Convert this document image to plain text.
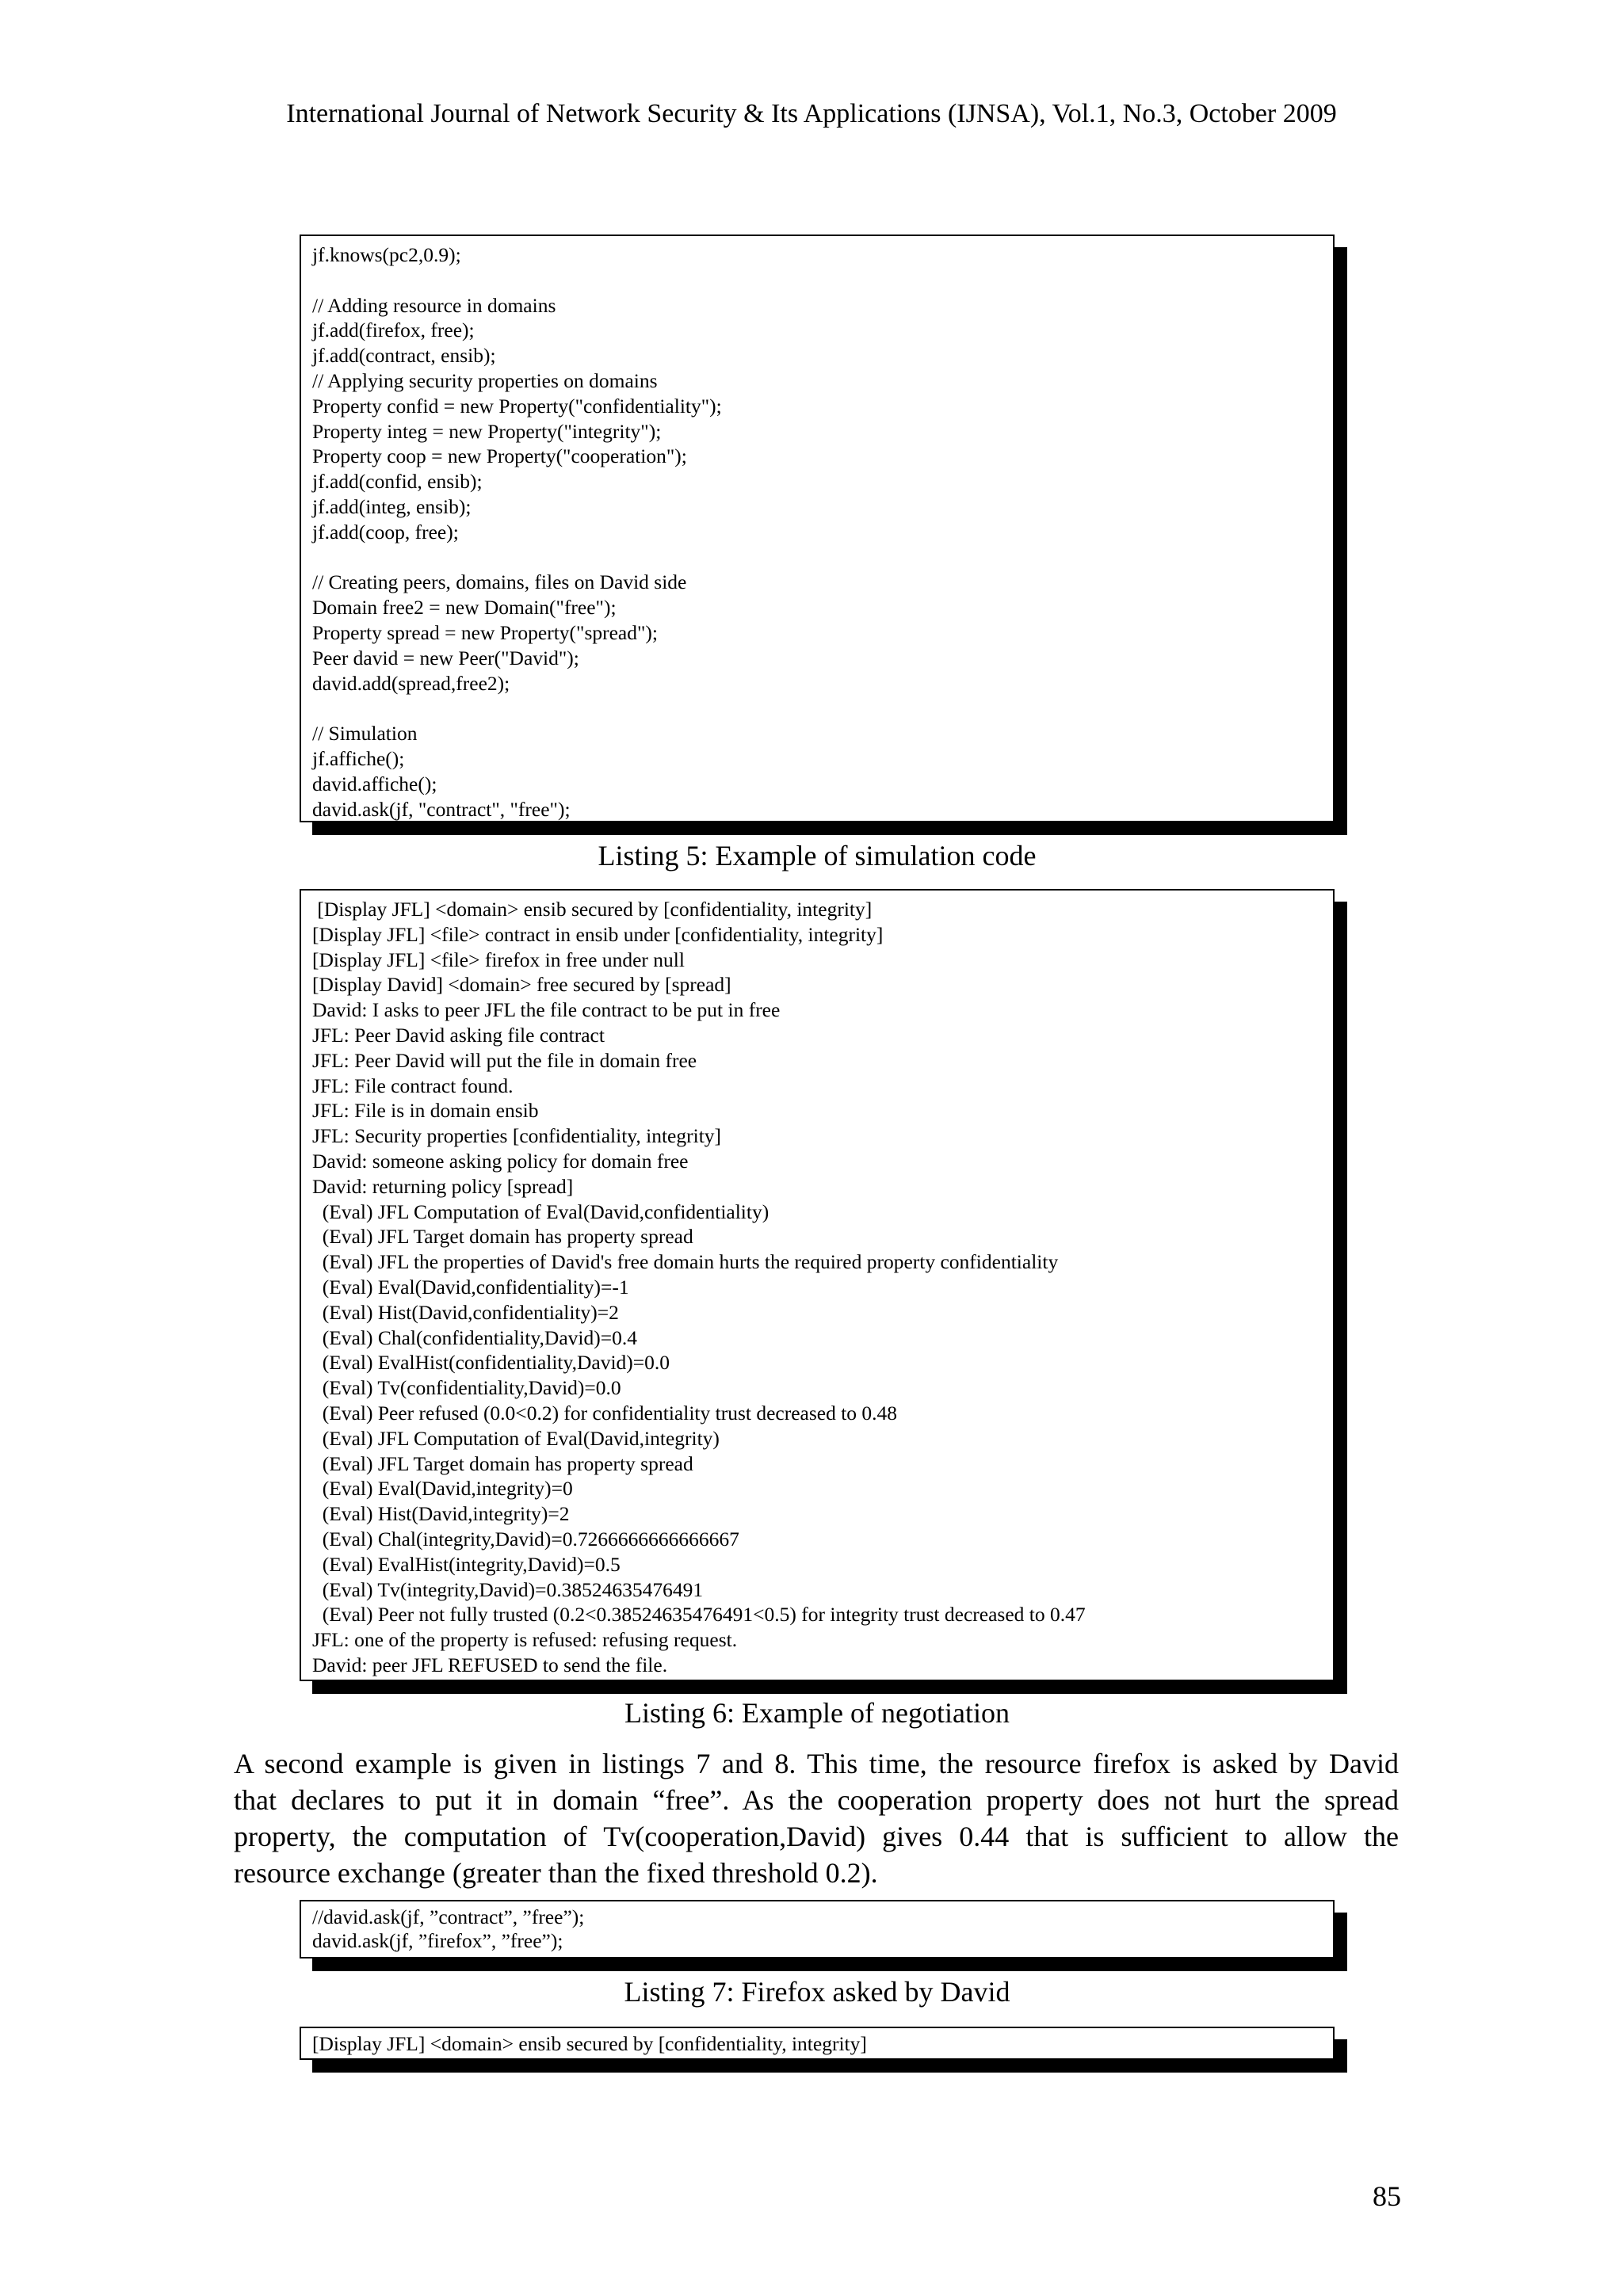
International Journal of Network Security & Its Applications (IJNSA), Vol.1, No.3, October 2009
jf.knows(pc2,0.9);
// Adding resource in domains
jf.add(firefox, free);
jf.add(contract, ensib);
// Applying security properties on domains
Property confid = new Property("confidentiality");
Property integ = new Property("integrity");
Property coop = new Property("cooperation");
jf.add(confid, ensib);
jf.add(integ, ensib);
jf.add(coop, free);
// Creating peers, domains, files on David side
Domain free2 = new Domain("free");
Property spread = new Property("spread");
Peer david = new Peer("David");
david.add(spread,free2);
// Simulation
jf.affiche();
david.affiche();
david.ask(jf, "contract", "free");
Listing 5: Example of simulation code
[Display JFL] <domain> ensib secured by [confidentiality, integrity]
[Display JFL] <file> contract in ensib under [confidentiality, integrity]
[Display JFL] <file> firefox in free under null
[Display David] <domain> free secured by [spread]
David: I asks to peer JFL the file contract to be put in free
JFL: Peer David asking file contract
JFL: Peer David will put the file in domain free
JFL: File contract found.
JFL: File is in domain ensib
JFL: Security properties [confidentiality, integrity]
David: someone asking policy for domain free
David: returning policy [spread]
(Eval) JFL Computation of Eval(David,confidentiality)
(Eval) JFL Target domain has property spread
(Eval) JFL the properties of David's free domain hurts the required property confidentiality
(Eval) Eval(David,confidentiality)=-1
(Eval) Hist(David,confidentiality)=2
(Eval) Chal(confidentiality,David)=0.4
(Eval) EvalHist(confidentiality,David)=0.0
(Eval) Tv(confidentiality,David)=0.0
(Eval) Peer refused (0.0<0.2) for confidentiality trust decreased to 0.48
(Eval) JFL Computation of Eval(David,integrity)
(Eval) JFL Target domain has property spread
(Eval) Eval(David,integrity)=0
(Eval) Hist(David,integrity)=2
(Eval) Chal(integrity,David)=0.7266666666666667
(Eval) EvalHist(integrity,David)=0.5
(Eval) Tv(integrity,David)=0.38524635476491
(Eval) Peer not fully trusted (0.2<0.38524635476491<0.5) for integrity trust decreased to 0.47
JFL: one of the property is refused: refusing request.
David: peer JFL REFUSED to send the file.
Listing 6: Example of negotiation
A second example is given in listings 7 and 8. This time, the resource firefox is asked by David
that declares to put it in domain “free”. As the cooperation property does not hurt the spread
property, the computation of Tv(cooperation,David) gives 0.44 that is sufficient to allow the
resource exchange (greater than the fixed threshold 0.2).
//david.ask(jf, ”contract”, ”free”);
david.ask(jf, ”firefox”, ”free”);
Listing 7: Firefox asked by David
[Display JFL] <domain> ensib secured by [confidentiality, integrity]
85
